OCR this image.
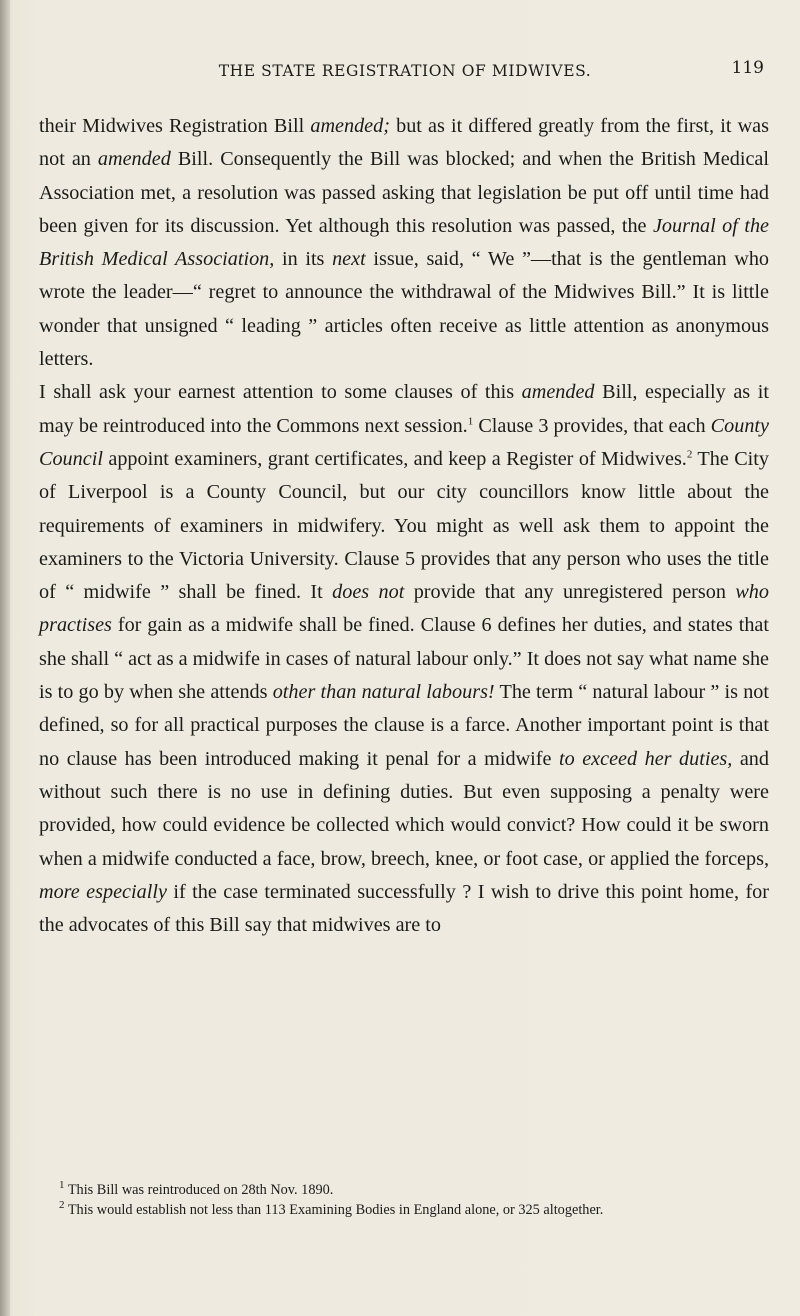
THE STATE REGISTRATION OF MIDWIVES.	119

their Midwives Registration Bill amended; but as it differed greatly from the first, it was not an amended Bill. Consequently the Bill was blocked; and when the British Medical Association met, a resolution was passed asking that legislation be put off until time had been given for its discussion. Yet although this resolution was passed, the Journal of the British Medical Association, in its next issue, said, “ We ”—that is the gentleman who wrote the leader—“ regret to announce the withdrawal of the Midwives Bill.” It is little wonder that unsigned “ leading ” articles often receive as little attention as anonymous letters.

I shall ask your earnest attention to some clauses of this amended Bill, especially as it may be reintroduced into the Commons next session.$^1$ Clause 3 provides, that each County Council appoint examiners, grant certificates, and keep a Register of Midwives.$^2$ The City of Liverpool is a County Council, but our city councillors know little about the requirements of examiners in midwifery. You might as well ask them to appoint the examiners to the Victoria University. Clause 5 provides that any person who uses the title of “ midwife ” shall be fined. It does not provide that any unregistered person who practises for gain as a midwife shall be fined. Clause 6 defines her duties, and states that she shall “ act as a midwife in cases of natural labour only.” It does not say what name she is to go by when she attends other than natural labours! The term “ natural labour ” is not defined, so for all practical purposes the clause is a farce. Another important point is that no clause has been introduced making it penal for a midwife to exceed her duties, and without such there is no use in defining duties. But even supposing a penalty were provided, how could evidence be collected which would convict? How could it be sworn when a midwife conducted a face, brow, breech, knee, or foot case, or applied the forceps, more especially if the case terminated successfully ? I wish to drive this point home, for the advocates of this Bill say that midwives are to

$^1$ This Bill was reintroduced on 28th Nov. 1890.

$^2$ This would establish not less than 113 Examining Bodies in England alone, or 325 altogether.
